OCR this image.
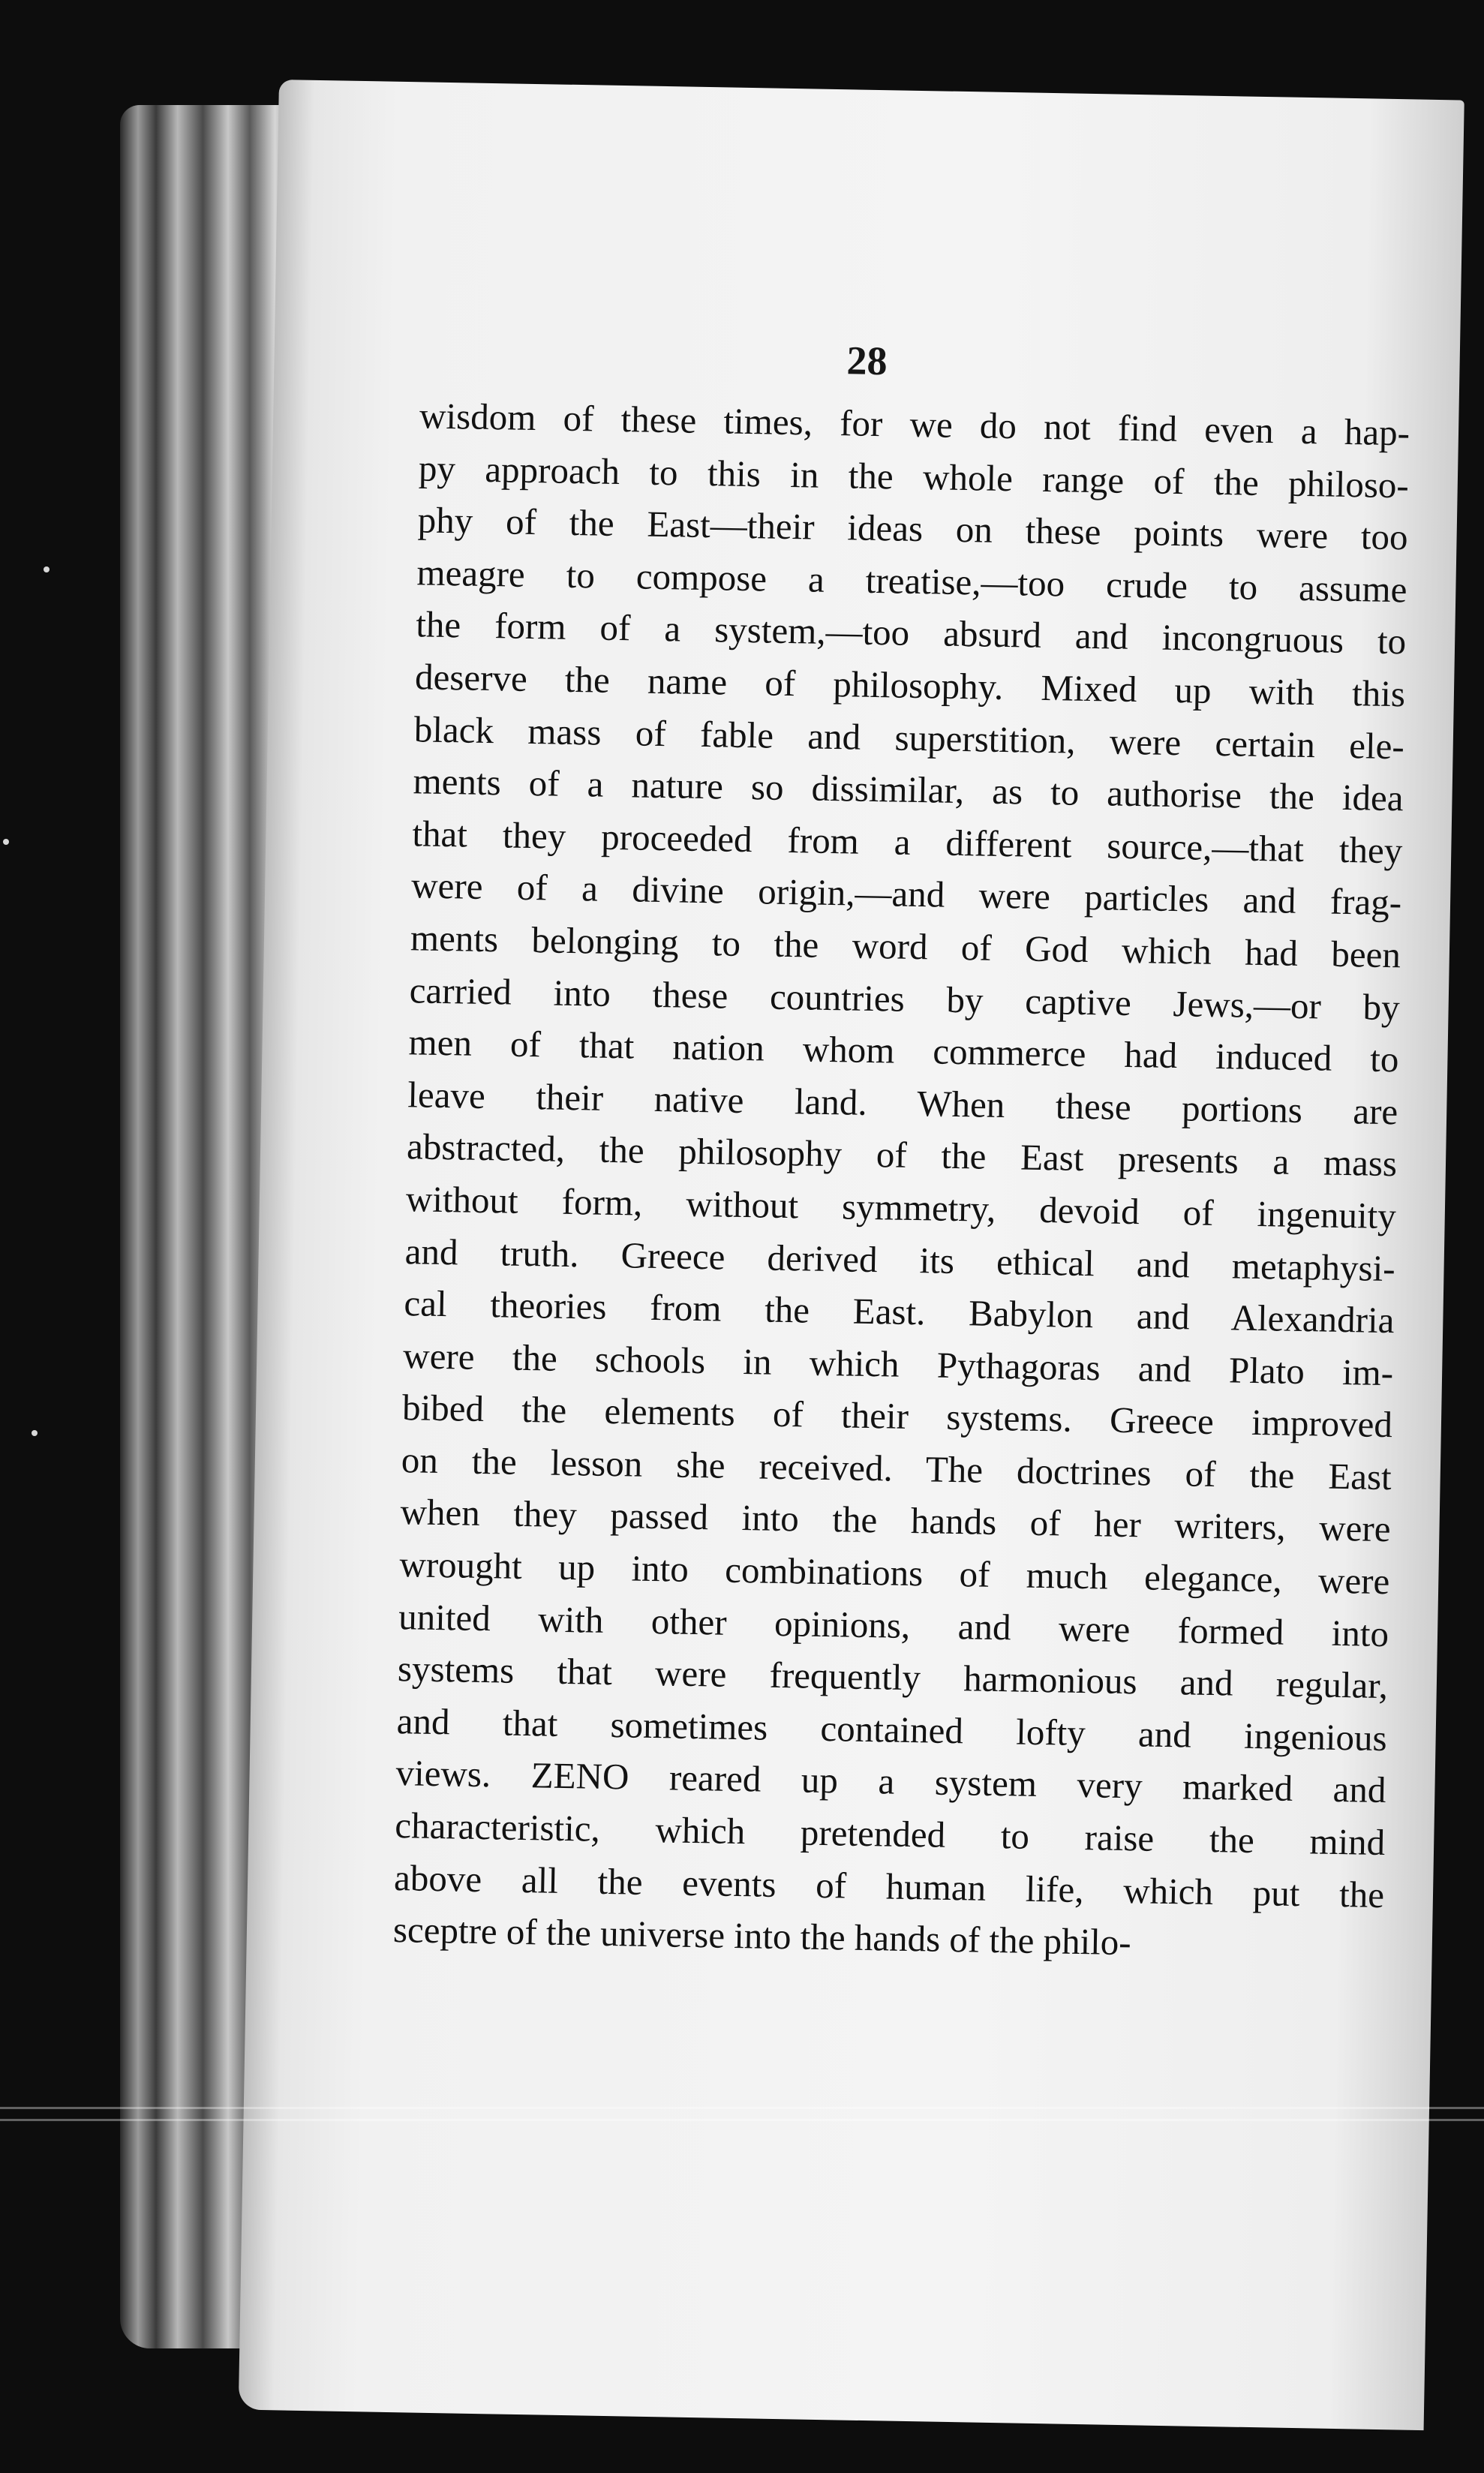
28
wisdom of these times, for we do not find even a hap-
py approach to this in the whole range of the philoso-
phy of the East—their ideas on these points were too
meagre to compose a treatise,—too crude to assume
the form of a system,—too absurd and incongruous to
deserve the name of philosophy. Mixed up with this
black mass of fable and superstition, were certain ele-
ments of a nature so dissimilar, as to authorise the idea
that they proceeded from a different source,—that they
were of a divine origin,—and were particles and frag-
ments belonging to the word of God which had been
carried into these countries by captive Jews,—or by
men of that nation whom commerce had induced to
leave their native land. When these portions are
abstracted, the philosophy of the East presents a mass
without form, without symmetry, devoid of ingenuity
and truth. Greece derived its ethical and metaphysi-
cal theories from the East. Babylon and Alexandria
were the schools in which Pythagoras and Plato im-
bibed the elements of their systems. Greece improved
on the lesson she received. The doctrines of the East
when they passed into the hands of her writers, were
wrought up into combinations of much elegance, were
united with other opinions, and were formed into
systems that were frequently harmonious and regular,
and that sometimes contained lofty and ingenious
views. ZENO reared up a system very marked and
characteristic, which pretended to raise the mind
above all the events of human life, which put the
sceptre of the universe into the hands of the philo-
